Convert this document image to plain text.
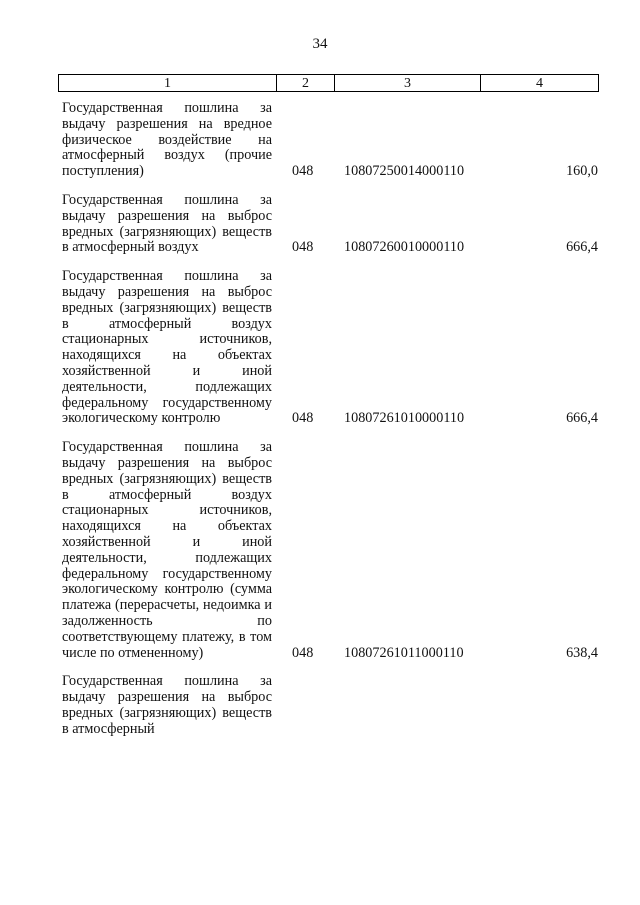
34
1	2	3	4
Государственная пошлина за выдачу разрешения на вредное физическое воздействие на атмосферный воздух (прочие поступления)	048 10807250014000110	160,0
Государственная пошлина за выдачу разрешения на выброс вредных (загрязняющих) веществ в атмосферный воздух	048 10807260010000110	666,4
Государственная пошлина за выдачу разрешения на выброс вредных (загрязняющих) веществ в атмосферный воздух стационарных источников, находящихся на объектах хозяйственной и иной деятельности, подлежащих федеральному государственному экологическому контролю	048 10807261010000110	666,4
Государственная пошлина за выдачу разрешения на выброс вредных (загрязняющих) веществ в атмосферный воздух стационарных источников, находящихся на объектах хозяйственной и иной деятельности, подлежащих федеральному государственному экологическому контролю (сумма платежа (перерасчеты, недоимка и задолженность по соответствующему платежу, в том числе по отмененному)	048 10807261011000110	638,4
Государственная пошлина за выдачу разрешения на выброс вредных (загрязняющих) веществ в атмосферный
